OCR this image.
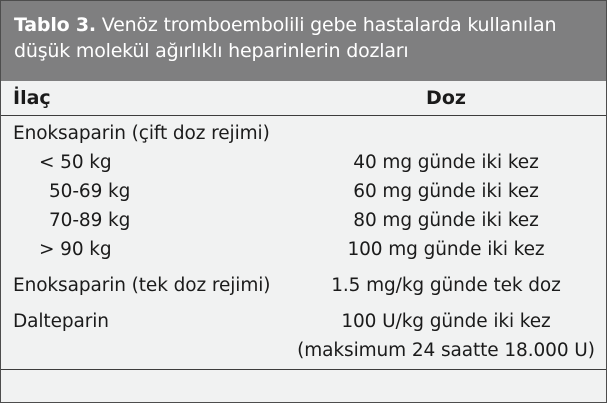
Tablo 3. Venöz tromboembolili gebe hastalarda kullanılan
düşük molekül ağırlıklı heparinlerin dozları
İlaç	Doz
Enoksaparin (çift doz rejimi)
< 50 kg	40 mg günde iki kez
50-69 kg	60 mg günde iki kez
70-89 kg	80 mg günde iki kez
> 90 kg	100 mg günde iki kez
Enoksaparin (tek doz rejimi)	1.5 mg/kg günde tek doz
Dalteparin	100 U/kg günde iki kez
(maksimum 24 saatte 18.000 U)
